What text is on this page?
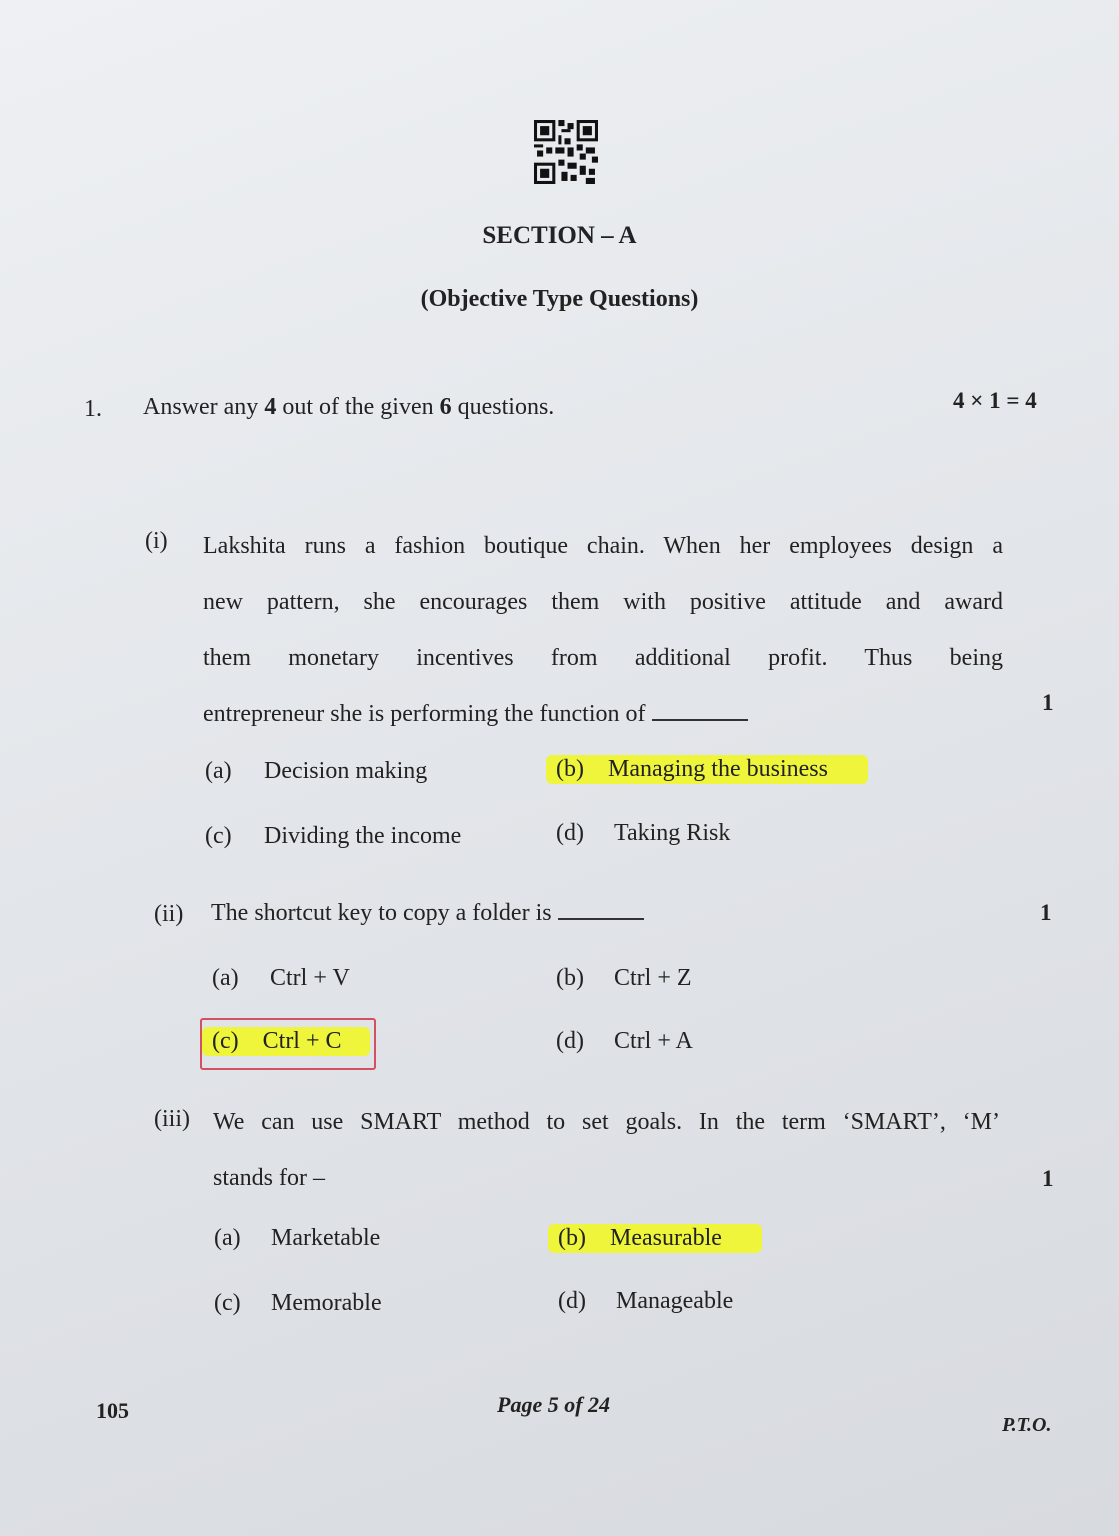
SECTION – A
(Objective Type Questions)
1. Answer any 4 out of the given 6 questions.	4 × 1 = 4
(i) Lakshita runs a fashion boutique chain. When her employees design a
new pattern, she encourages them with positive attitude and award
them monetary incentives from additional profit. Thus being
entrepreneur she is performing the function of	1
(a) Decision making	(b) Managing the business
(c) Dividing the income	(d) Taking Risk
(ii) The shortcut key to copy a folder is	1
(a) Ctrl + V	(b) Ctrl + Z
(c) Ctrl + C	(d) Ctrl + A
(iii) We can use SMART method to set goals. In the term ‘SMART’, ‘M’
stands for –	1
(a) Marketable	(b) Measurable
(c) Memorable	(d) Manageable
105	Page 5 of 24
P.T.O.
